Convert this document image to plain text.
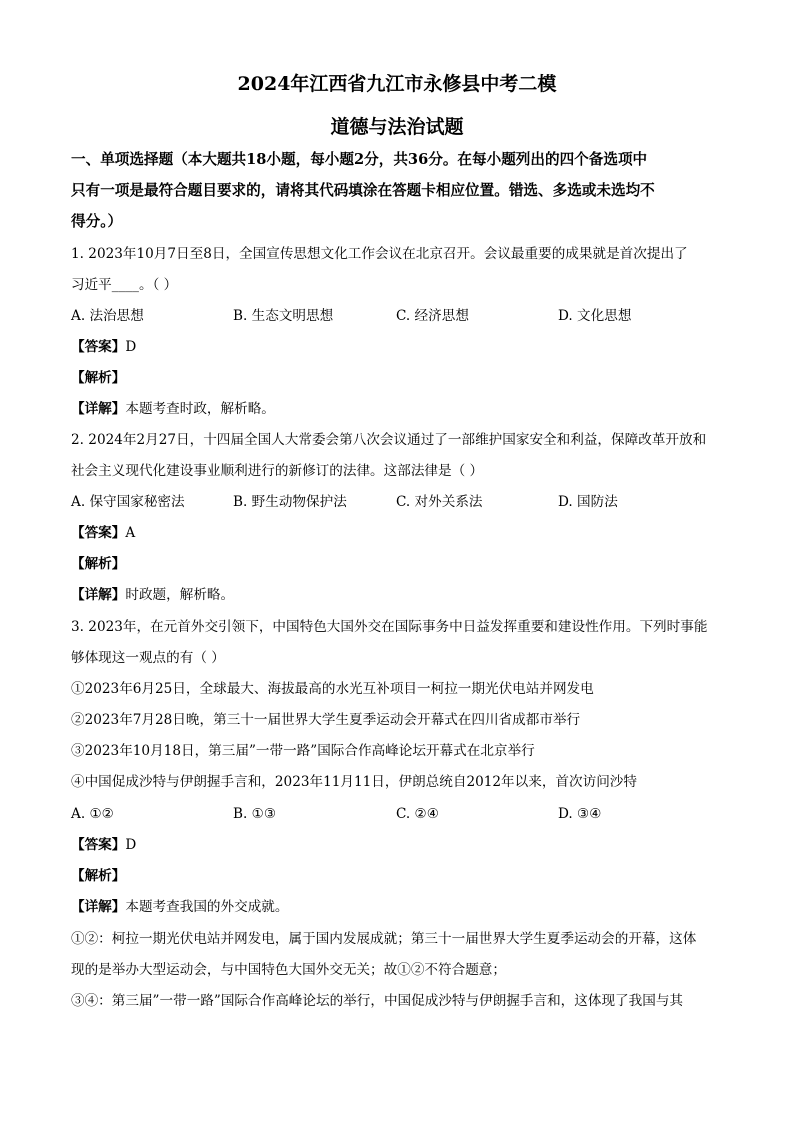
2024年江西省九江市永修县中考二模
道德与法治试题
一、单项选择题（本大题共18小题，每小题2分，共36分。在每小题列出的四个备选项中
只有一项是最符合题目要求的，请将其代码填涂在答题卡相应位置。错选、多选或未选均不
得分。）
1. 2023年10月7日至8日，全国宣传思想文化工作会议在北京召开。会议最重要的成果就是首次提出了
习近平____。（ ）
A. 法治思想	B. 生态文明思想	C. 经济思想	D. 文化思想
【答案】D
【解析】
【详解】本题考查时政，解析略。
2. 2024年2月27日，十四届全国人大常委会第八次会议通过了一部维护国家安全和利益，保障改革开放和
社会主义现代化建设事业顺利进行的新修订的法律。这部法律是（ ）
A. 保守国家秘密法	B. 野生动物保护法	C. 对外关系法	D. 国防法
【答案】A
【解析】
【详解】时政题，解析略。
3. 2023年，在元首外交引领下，中国特色大国外交在国际事务中日益发挥重要和建设性作用。下列时事能
够体现这一观点的有（ ）
①2023年6月25日，全球最大、海拔最高的水光互补项目一柯拉一期光伏电站并网发电
②2023年7月28日晚，第三十一届世界大学生夏季运动会开幕式在四川省成都市举行
③2023年10月18日，第三届”一带一路”国际合作高峰论坛开幕式在北京举行
④中国促成沙特与伊朗握手言和，2023年11月11日，伊朗总统自2012年以来，首次访问沙特
A. ①②	B. ①③	C. ②④	D. ③④
【答案】D
【解析】
【详解】本题考查我国的外交成就。
①②：柯拉一期光伏电站并网发电，属于国内发展成就；第三十一届世界大学生夏季运动会的开幕，这体
现的是举办大型运动会，与中国特色大国外交无关；故①②不符合题意；
③④：第三届”一带一路”国际合作高峰论坛的举行，中国促成沙特与伊朗握手言和，这体现了我国与其
